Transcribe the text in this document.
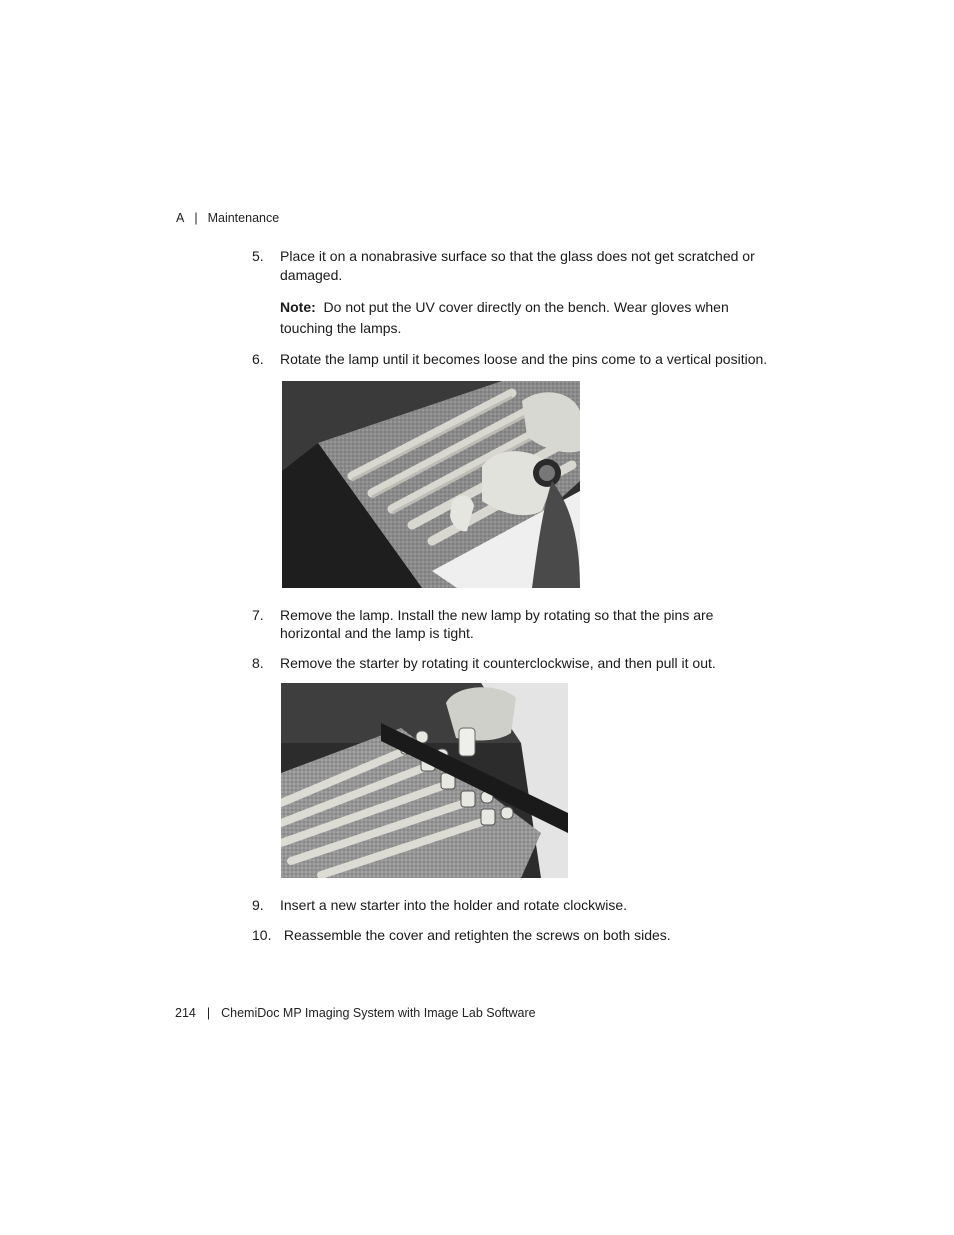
A | Maintenance
5. Place it on a nonabrasive surface so that the glass does not get scratched or
damaged.
Note:  Do not put the UV cover directly on the bench. Wear gloves when
touching the lamps.
6. Rotate the lamp until it becomes loose and the pins come to a vertical position.
7. Remove the lamp. Install the new lamp by rotating so that the pins are
horizontal and the lamp is tight.
8. Remove the starter by rotating it counterclockwise, and then pull it out.
9. Insert a new starter into the holder and rotate clockwise.
10. Reassemble the cover and retighten the screws on both sides.
214 | ChemiDoc MP Imaging System with Image Lab Software
